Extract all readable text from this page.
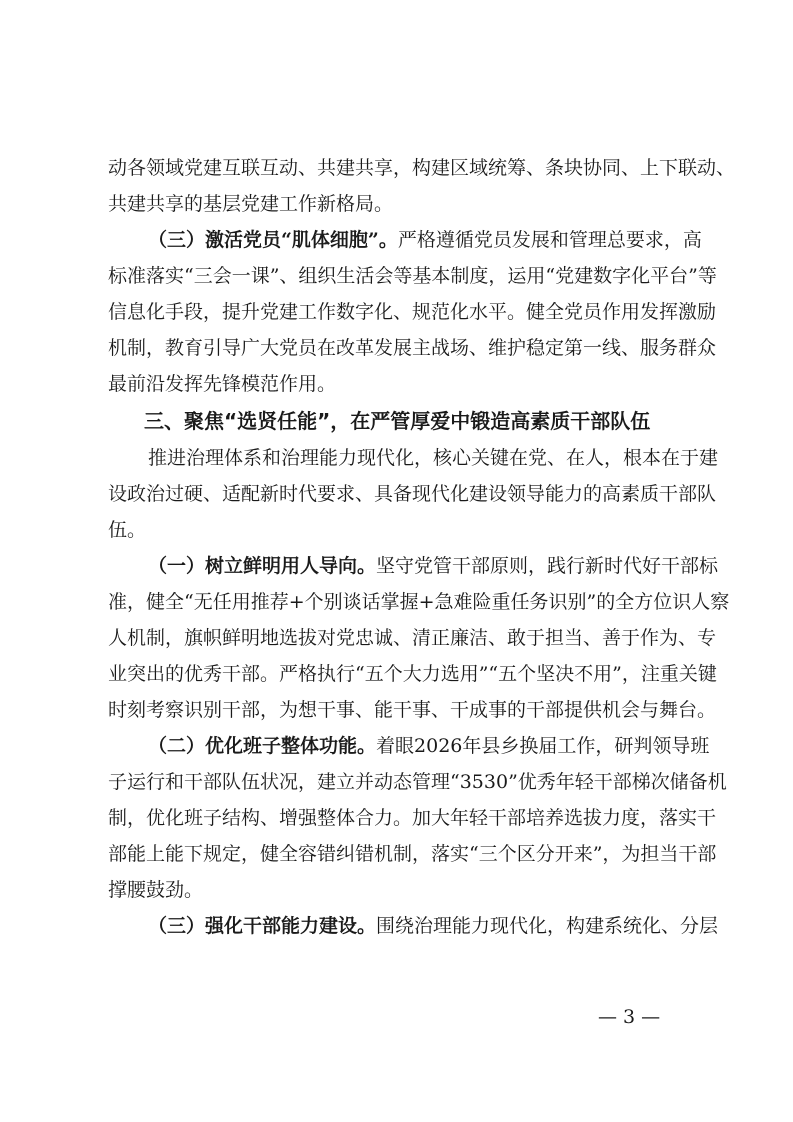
动各领域党建互联互动、共建共享，构建区域统筹、条块协同、上下联动、
共建共享的基层党建工作新格局。
（三）激活党员“肌体细胞”。严格遵循党员发展和管理总要求，高
标准落实“三会一课”、组织生活会等基本制度，运用“党建数字化平台”等
信息化手段，提升党建工作数字化、规范化水平。健全党员作用发挥激励
机制，教育引导广大党员在改革发展主战场、维护稳定第一线、服务群众
最前沿发挥先锋模范作用。
三、聚焦“选贤任能”，在严管厚爱中锻造高素质干部队伍
推进治理体系和治理能力现代化，核心关键在党、在人，根本在于建
设政治过硬、适配新时代要求、具备现代化建设领导能力的高素质干部队
伍。
（一）树立鲜明用人导向。坚守党管干部原则，践行新时代好干部标
准，健全“无任用推荐+个别谈话掌握+急难险重任务识别”的全方位识人察
人机制，旗帜鲜明地选拔对党忠诚、清正廉洁、敢于担当、善于作为、专
业突出的优秀干部。严格执行“五个大力选用”“五个坚决不用”，注重关键
时刻考察识别干部，为想干事、能干事、干成事的干部提供机会与舞台。
（二）优化班子整体功能。着眼2026年县乡换届工作，研判领导班
子运行和干部队伍状况，建立并动态管理“3530”优秀年轻干部梯次储备机
制，优化班子结构、增强整体合力。加大年轻干部培养选拔力度，落实干
部能上能下规定，健全容错纠错机制，落实“三个区分开来”，为担当干部
撑腰鼓劲。
（三）强化干部能力建设。围绕治理能力现代化，构建系统化、分层
— 3 —
